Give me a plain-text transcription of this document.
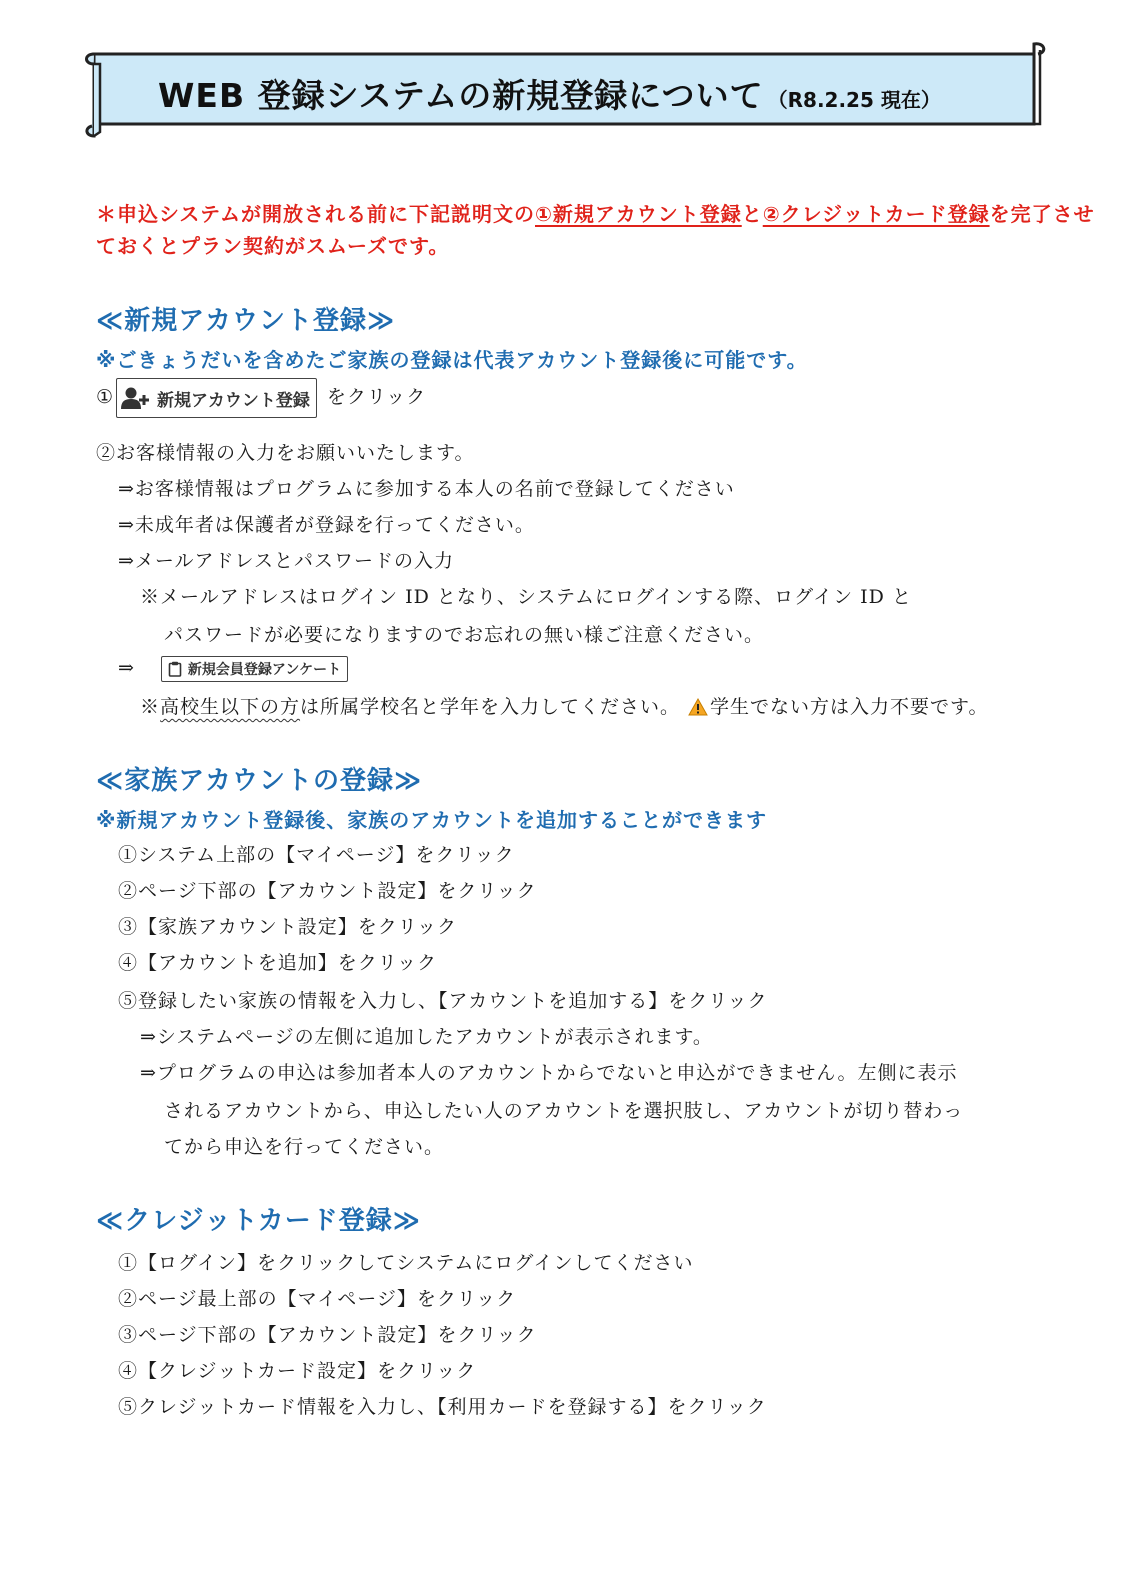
WEB 登録システムの新規登録について （R8.2.25 現在）
＊申込システムが開放される前に下記説明文の①新規アカウント登録と②クレジットカード登録を完了させておくとプラン契約がスムーズです。
≪新規アカウント登録≫
※ごきょうだいを含めたご家族の登録は代表アカウント登録後に可能です。
①	新規アカウント登録 をクリック
②お客様情報の入力をお願いいたします。
⇒お客様情報はプログラムに参加する本人の名前で登録してください
⇒未成年者は保護者が登録を行ってください。
⇒メールアドレスとパスワードの入力
※メールアドレスはログイン ID となり、システムにログインする際、ログイン ID と
パスワードが必要になりますのでお忘れの無い様ご注意ください。
⇒	新規会員登録アンケート
※高校生以下の方は所属学校名と学年を入力してください。 学生でない方は入力不要です。
≪家族アカウントの登録≫
※新規アカウント登録後、家族のアカウントを追加することができます
①システム上部の【マイページ】をクリック
②ページ下部の【アカウント設定】をクリック
③【家族アカウント設定】をクリック
④【アカウントを追加】をクリック
⑤登録したい家族の情報を入力し、【アカウントを追加する】をクリック
⇒システムページの左側に追加したアカウントが表示されます。
⇒プログラムの申込は参加者本人のアカウントからでないと申込ができません。左側に表示
されるアカウントから、申込したい人のアカウントを選択肢し、アカウントが切り替わっ
てから申込を行ってください。
≪クレジットカード登録≫
①【ログイン】をクリックしてシステムにログインしてください
②ページ最上部の【マイページ】をクリック
③ページ下部の【アカウント設定】をクリック
④【クレジットカード設定】をクリック
⑤クレジットカード情報を入力し、【利用カードを登録する】をクリック
